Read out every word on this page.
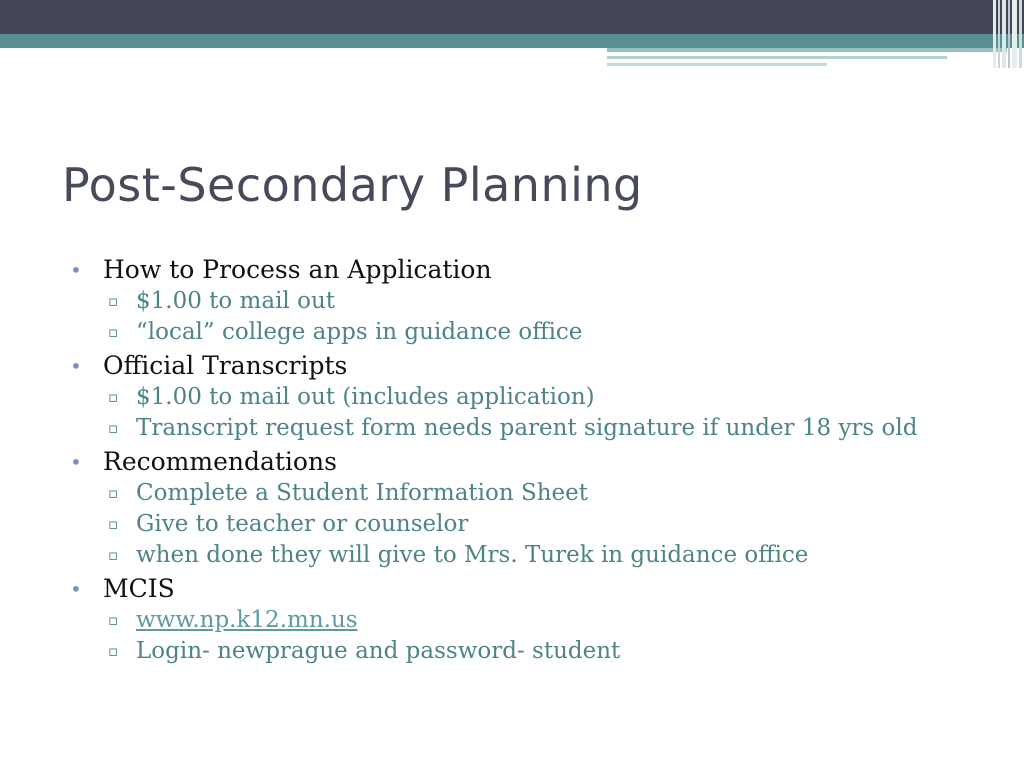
Post-Secondary Planning
• How to Process an Application
▫ $1.00 to mail out
▫ “local” college apps in guidance office
• Official Transcripts
▫ $1.00 to mail out (includes application)
▫ Transcript request form needs parent signature if under 18 yrs old
• Recommendations
▫ Complete a Student Information Sheet
▫ Give to teacher or counselor
▫ when done they will give to Mrs. Turek in guidance office
• MCIS
▫ www.np.k12.mn.us
▫ Login- newprague and password- student
